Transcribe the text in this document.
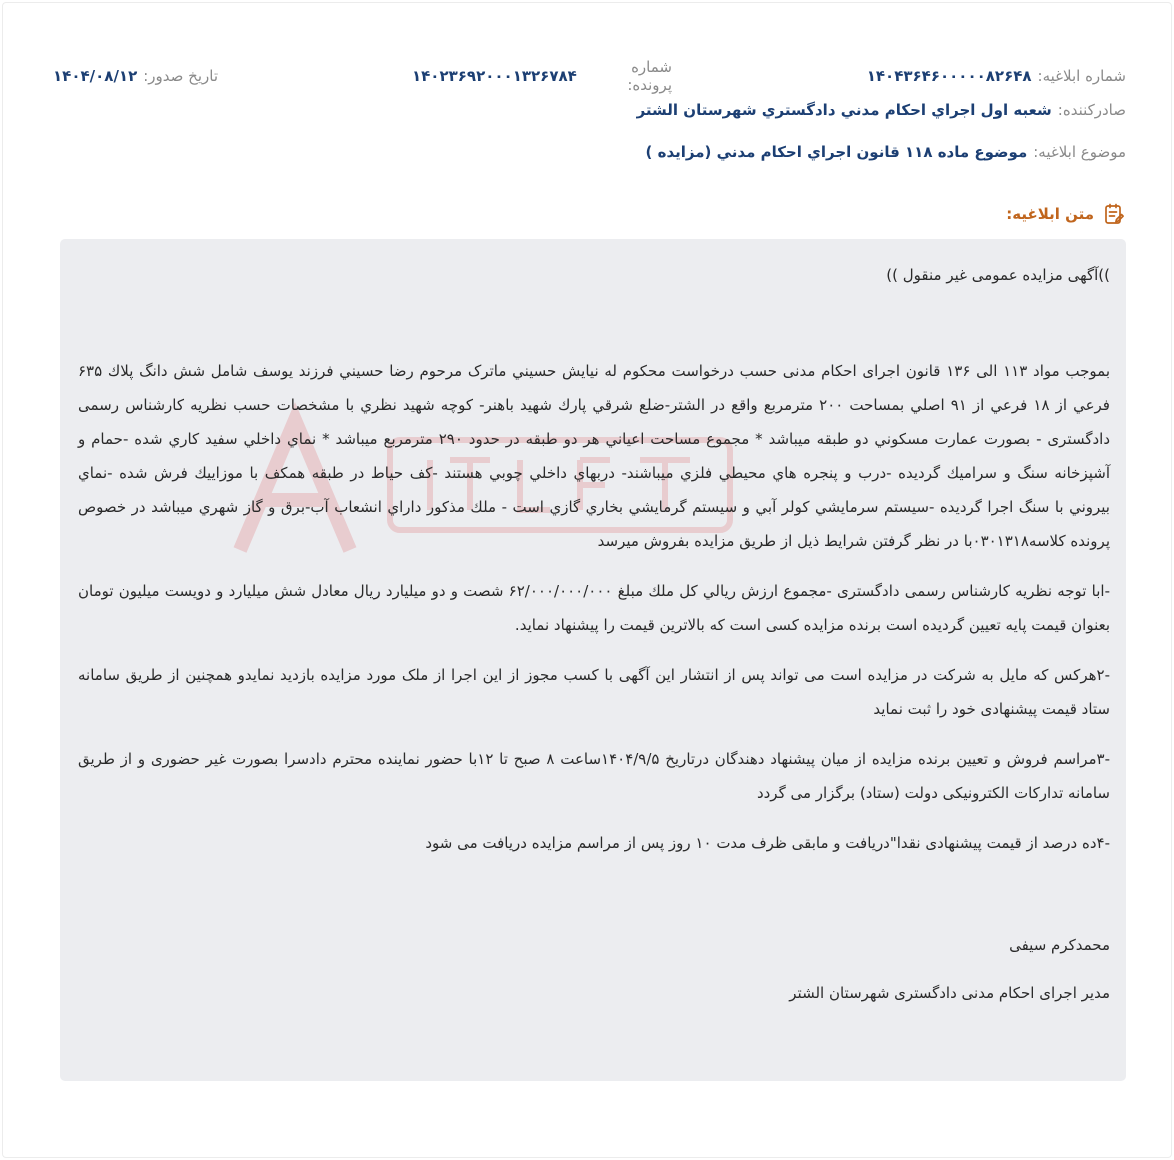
شماره ابلاغیه:
۱۴۰۴۳۶۴۶۰۰۰۰۰۸۲۶۴۸
شماره پرونده:
۱۴۰۲۳۶۹۲۰۰۰۱۳۲۶۷۸۴
تاریخ صدور:
۱۴۰۴/۰۸/۱۲
صادرکننده:
شعبه اول اجراي احکام مدني دادگستري شهرستان الشتر
موضوع ابلاغیه:
موضوع ماده ۱۱۸ قانون اجراي احکام مدني (مزايده )
متن ابلاغیه:

))آگهی مزایده عمومی غیر منقول ))

بموجب مواد ۱۱۳ الی ۱۳۶ قانون اجرای احکام مدنی حسب درخواست محکوم له نيايش حسيني ماترک مرحوم رضا حسيني فرزند يوسف شامل شش دانگ پلاك ۶۳۵ فرعي از ۱۸ فرعي از ۹۱ اصلي بمساحت ۲۰۰ مترمربع واقع در الشتر-ضلع شرقي پارك شهيد باهنر- كوچه شهيد نظري با مشخصات حسب نظريه كارشناس رسمی دادگستری - بصورت عمارت مسكوني دو طبقه ميباشد * مجموع مساحت اعياني هر دو طبقه در حدود ۲۹۰ مترمربع ميباشد * نماي داخلي سفيد كاري شده -حمام و آشپزخانه سنگ و سراميك گرديده -درب و پنجره هاي محيطي فلزي ميباشند- دربهاي داخلي چوبي هستند -كف حياط در طبقه همكف با موزاييك فرش شده -نماي بيروني با سنگ اجرا گرديده -سيستم سرمايشي كولر آبي و سيستم گرمايشي بخاري گازي است - ملك مذكور داراي انشعاب آب-برق و گاز شهري ميباشد در خصوص پرونده كلاسه۰۳۰۱۳۱۸با در نظر گرفتن شرايط ذيل از طريق مزايده بفروش ميرسد

-ابا توجه نظريه كارشناس رسمی دادگستری -مجموع ارزش ريالي كل ملك مبلغ ۶۲/۰۰۰/۰۰۰/۰۰۰ شصت و دو ميليارد ريال معادل شش ميليارد و دويست ميليون تومان بعنوان قیمت پایه تعیین گردیده است برنده مزایده کسی است که بالاترین قیمت را پیشنهاد نماید.

-۲هرکس که مایل به شرکت در مزایده است می تواند پس از انتشار این آگهی با کسب مجوز از این اجرا از ملک مورد مزایده بازدید نمایدو همچنین از طریق سامانه ستاد قیمت پیشنهادی خود را ثبت نماید

-۳مراسم فروش و تعیین برنده مزایده از میان پیشنهاد دهندگان درتاریخ ۱۴۰۴/۹/۵ساعت ۸ صبح تا ۱۲با حضور نماینده محترم دادسرا بصورت غیر حضوری و از طریق سامانه تدارکات الکترونیکی دولت (ستاد) برگزار می گردد

-۴ده درصد از قیمت پیشنهادی نقدا"دریافت و مابقی ظرف مدت ۱۰ روز پس از مراسم مزایده دریافت می شود

محمدکرم سیفی

مدیر اجرای احکام مدنی دادگستری شهرستان الشتر
